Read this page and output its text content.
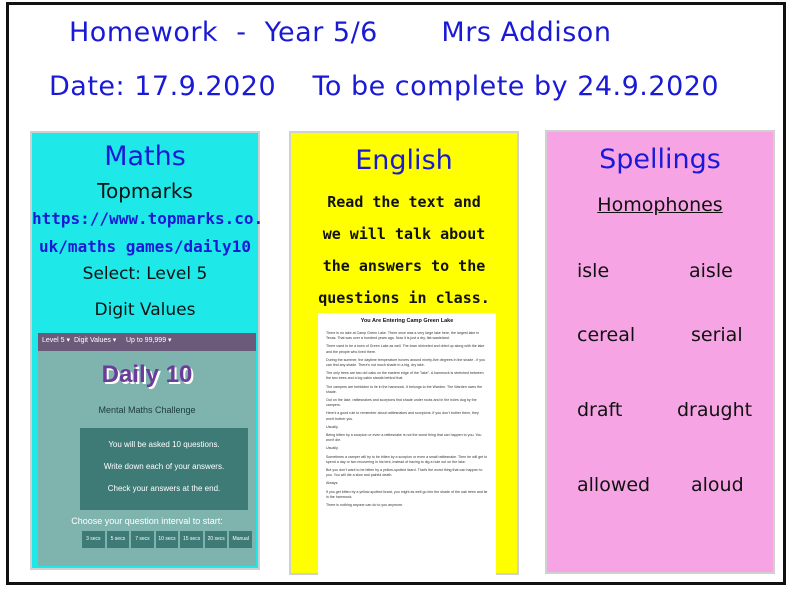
Homework  -  Year 5/6       Mrs Addison
Date: 17.9.2020    To be complete by 24.9.2020
Maths
Topmarks
https://www.topmarks.co.
uk/maths games/daily10
Select: Level 5
Digit Values
Level 5 ▾ Digit Values ▾ Up to 99,999 ▾
Daily 10
Mental Maths Challenge
You will be asked 10 questions.
Write down each of your answers.
Check your answers at the end.
Choose your question interval to start:
3 secs	5 secs	7 secs	10 secs	15 secs	20 secs	Manual
English
Read the text and
we will talk about
the answers to the
questions in class.
You Are Entering Camp Green Lake

There is no lake at Camp Green Lake. There once was a very large lake here, the largest lake in Texas. That was over a hundred years ago. Now it is just a dry, flat wasteland.

There used to be a town of Green Lake as well. The town shriveled and dried up along with the lake and the people who lived there.

During the summer, the daytime temperature hovers around ninety-five degrees in the shade - if you can find any shade. There's not much shade in a big, dry lake.

The only trees are two old oaks on the eastern edge of the "lake". A hammock is stretched between the two trees and a log cabin stands behind that.

The campers are forbidden to lie in the hammock. It belongs to the Warden. The Warden owns the shade.

Out on the lake, rattlesnakes and scorpions find shade under rocks and in the holes dug by the campers.

Here's a good rule to remember about rattlesnakes and scorpions: If you don't bother them, they won't bother you.

Usually.

Being bitten by a scorpion or even a rattlesnake is not the worst thing that can happen to you. You won't die.

Usually.

Sometimes a camper will try to be bitten by a scorpion or even a small rattlesnake. Then he will get to spend a day or two recovering in his tent, instead of having to dig a hole out on the lake.

But you don't want to be bitten by a yellow-spotted lizard. That's the worst thing that can happen to you. You will die a slow and painful death.

Always.

If you get bitten by a yellow-spotted lizard, you might as well go into the shade of the oak trees and lie in the hammock.

There is nothing anyone can do to you anymore.

Spellings
Homophones
isle	aisle
cereal	serial
draft	draught
allowed aloud
